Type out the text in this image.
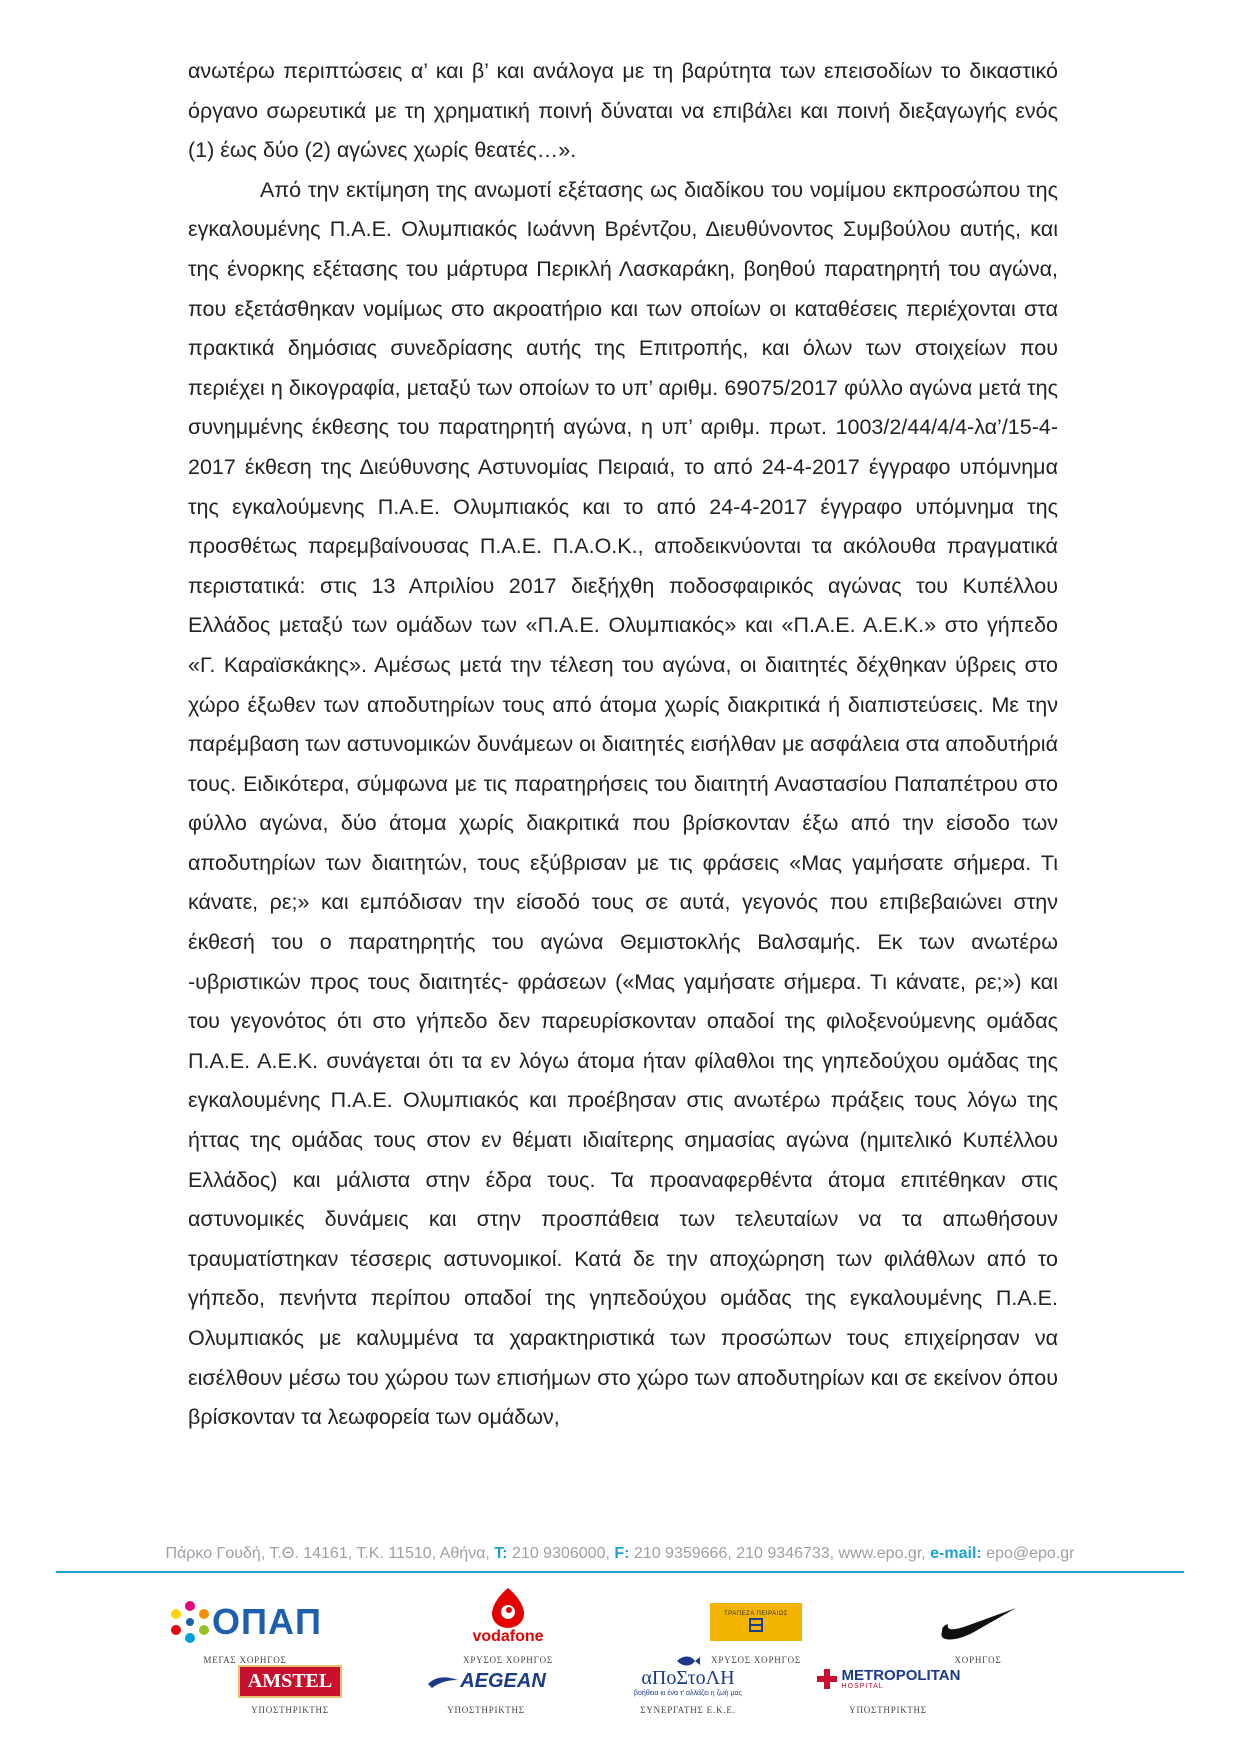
ανωτέρω περιπτώσεις α’ και β’ και ανάλογα με τη βαρύτητα των επεισοδίων το δικαστικό όργανο σωρευτικά με τη χρηματική ποινή δύναται να επιβάλει και ποινή διεξαγωγής ενός (1) έως δύο (2) αγώνες χωρίς θεατές…».

Από την εκτίμηση της ανωμοτί εξέτασης ως διαδίκου του νομίμου εκπροσώπου της εγκαλουμένης Π.Α.Ε. Ολυμπιακός Ιωάννη Βρέντζου, Διευθύνοντος Συμβούλου αυτής, και της ένορκης εξέτασης του μάρτυρα Περικλή Λασκαράκη, βοηθού παρατηρητή του αγώνα, που εξετάσθηκαν νομίμως στο ακροατήριο και των οποίων οι καταθέσεις περιέχονται στα πρακτικά δημόσιας συνεδρίασης αυτής της Επιτροπής, και όλων των στοιχείων που περιέχει η δικογραφία, μεταξύ των οποίων το υπ’ αριθμ. 69075/2017 φύλλο αγώνα μετά της συνημμένης έκθεσης του παρατηρητή αγώνα, η υπ’ αριθμ. πρωτ. 1003/2/44/4/4-λα’/15-4-2017 έκθεση της Διεύθυνσης Αστυνομίας Πειραιά, το από 24-4-2017 έγγραφο υπόμνημα της εγκαλούμενης Π.Α.Ε. Ολυμπιακός και το από 24-4-2017 έγγραφο υπόμνημα της προσθέτως παρεμβαίνουσας Π.Α.Ε. Π.Α.Ο.Κ., αποδεικνύονται τα ακόλουθα πραγματικά περιστατικά: στις 13 Απριλίου 2017 διεξήχθη ποδοσφαιρικός αγώνας του Κυπέλλου Ελλάδος μεταξύ των ομάδων των «Π.Α.Ε. Ολυμπιακός» και «Π.Α.Ε. Α.Ε.Κ.» στο γήπεδο «Γ. Καραϊσκάκης». Αμέσως μετά την τέλεση του αγώνα, οι διαιτητές δέχθηκαν ύβρεις στο χώρο έξωθεν των αποδυτηρίων τους από άτομα χωρίς διακριτικά ή διαπιστεύσεις. Με την παρέμβαση των αστυνομικών δυνάμεων οι διαιτητές εισήλθαν με ασφάλεια στα αποδυτήριά τους. Ειδικότερα, σύμφωνα με τις παρατηρήσεις του διαιτητή Αναστασίου Παπαπέτρου στο φύλλο αγώνα, δύο άτομα χωρίς διακριτικά που βρίσκονταν έξω από την είσοδο των αποδυτηρίων των διαιτητών, τους εξύβρισαν με τις φράσεις «Μας γαμήσατε σήμερα. Τι κάνατε, ρε;» και εμπόδισαν την είσοδό τους σε αυτά, γεγονός που επιβεβαιώνει στην έκθεσή του ο παρατηρητής του αγώνα Θεμιστοκλής Βαλσαμής. Εκ των ανωτέρω -υβριστικών προς τους διαιτητές- φράσεων («Μας γαμήσατε σήμερα. Τι κάνατε, ρε;») και του γεγονότος ότι στο γήπεδο δεν παρευρίσκονταν οπαδοί της φιλοξενούμενης ομάδας Π.Α.Ε. Α.Ε.Κ. συνάγεται ότι τα εν λόγω άτομα ήταν φίλαθλοι της γηπεδούχου ομάδας της εγκαλουμένης Π.Α.Ε. Ολυμπιακός και προέβησαν στις ανωτέρω πράξεις τους λόγω της ήττας της ομάδας τους στον εν θέματι ιδιαίτερης σημασίας αγώνα (ημιτελικό Κυπέλλου Ελλάδος) και μάλιστα στην έδρα τους. Τα προαναφερθέντα άτομα επιτέθηκαν στις αστυνομικές δυνάμεις και στην προσπάθεια των τελευταίων να τα απωθήσουν τραυματίστηκαν τέσσερις αστυνομικοί. Κατά δε την αποχώρηση των φιλάθλων από το γήπεδο, πενήντα περίπου οπαδοί της γηπεδούχου ομάδας της εγκαλουμένης Π.Α.Ε. Ολυμπιακός με καλυμμένα τα χαρακτηριστικά των προσώπων τους επιχείρησαν να εισέλθουν μέσω του χώρου των επισήμων στο χώρο των αποδυτηρίων και σε εκείνον όπου βρίσκονταν τα λεωφορεία των ομάδων,

Πάρκο Γουδή, Τ.Θ. 14161, Τ.Κ. 11510, Αθήνα, T: 210 9306000, F: 210 9359666, 210 9346733, www.epo.gr, e-mail: epo@epo.gr
ΟΠΑΠ
ΜΕΓΑΣ ΧΟΡΗΓΟΣ
vodafone
ΧΡΥΣΟΣ ΧΟΡΗΓΟΣ
ΤΡΑΠΕΖΑ ΠΕΙΡΑΙΩΣ
ΧΡΥΣΟΣ ΧΟΡΗΓΟΣ	ΧΟΡΗΓΟΣ
AMSTEL
ΥΠΟΣΤΗΡΙΚΤΗΣ
AEGEAN
ΥΠΟΣΤΗΡΙΚΤΗΣ
αΠοΣτοΛΗ
βοήθεια κι ένα τ' αλλάζει η ζωή μας
ΣΥΝΕΡΓΑΤΗΣ Ε.Κ.Ε.
METROPOLITAN
HOSPITAL
ΥΠΟΣΤΗΡΙΚΤΗΣ
